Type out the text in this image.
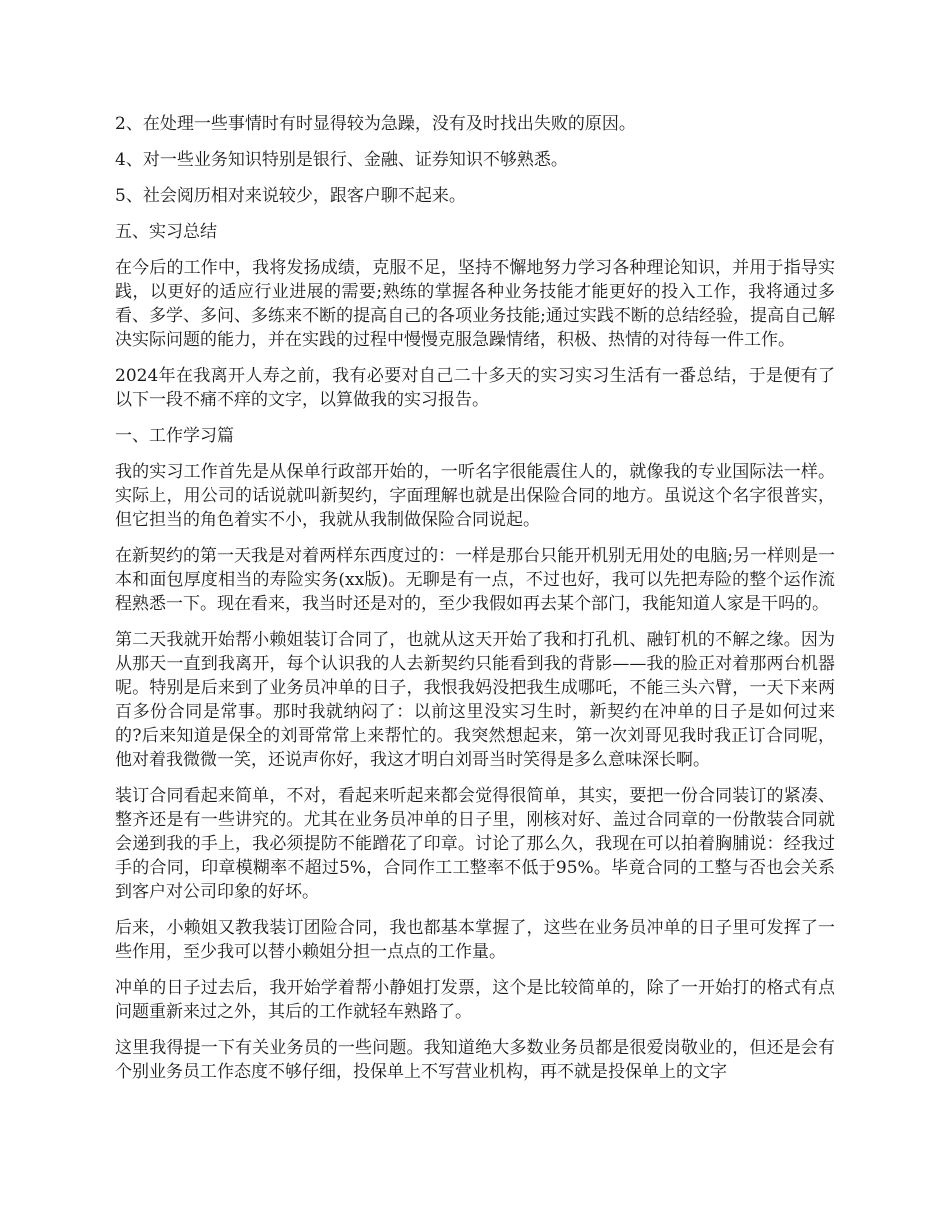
2、在处理一些事情时有时显得较为急躁，没有及时找出失败的原因。

4、对一些业务知识特别是银行、金融、证券知识不够熟悉。

5、社会阅历相对来说较少，跟客户聊不起来。

五、实习总结

在今后的工作中，我将发扬成绩，克服不足，坚持不懈地努力学习各种理论知识，并用于指导实践，以更好的适应行业进展的需要;熟练的掌握各种业务技能才能更好的投入工作，我将通过多看、多学、多问、多练来不断的提高自己的各项业务技能;通过实践不断的总结经验，提高自己解决实际问题的能力，并在实践的过程中慢慢克服急躁情绪，积极、热情的对待每一件工作。

2024年在我离开人寿之前，我有必要对自己二十多天的实习实习生活有一番总结，于是便有了以下一段不痛不痒的文字，以算做我的实习报告。

一、工作学习篇

我的实习工作首先是从保单行政部开始的，一听名字很能震住人的，就像我的专业国际法一样。实际上，用公司的话说就叫新契约，字面理解也就是出保险合同的地方。虽说这个名字很普实，但它担当的角色着实不小，我就从我制做保险合同说起。

在新契约的第一天我是对着两样东西度过的：一样是那台只能开机别无用处的电脑;另一样则是一本和面包厚度相当的寿险实务(xx版)。无聊是有一点，不过也好，我可以先把寿险的整个运作流程熟悉一下。现在看来，我当时还是对的，至少我假如再去某个部门，我能知道人家是干吗的。

第二天我就开始帮小赖姐装订合同了，也就从这天开始了我和打孔机、融钉机的不解之缘。因为从那天一直到我离开，每个认识我的人去新契约只能看到我的背影——我的脸正对着那两台机器呢。特别是后来到了业务员冲单的日子，我恨我妈没把我生成哪吒，不能三头六臂，一天下来两百多份合同是常事。那时我就纳闷了：以前这里没实习生时，新契约在冲单的日子是如何过来的?后来知道是保全的刘哥常常上来帮忙的。我突然想起来，第一次刘哥见我时我正订合同呢，他对着我微微一笑，还说声你好，我这才明白刘哥当时笑得是多么意味深长啊。

装订合同看起来简单，不对，看起来听起来都会觉得很简单，其实，要把一份合同装订的紧凑、整齐还是有一些讲究的。尤其在业务员冲单的日子里，刚核对好、盖过合同章的一份散装合同就会递到我的手上，我必须提防不能蹭花了印章。讨论了那么久，我现在可以拍着胸脯说：经我过手的合同，印章模糊率不超过5%，合同作工工整率不低于95%。毕竟合同的工整与否也会关系到客户对公司印象的好坏。

后来，小赖姐又教我装订团险合同，我也都基本掌握了，这些在业务员冲单的日子里可发挥了一些作用，至少我可以替小赖姐分担一点点的工作量。

冲单的日子过去后，我开始学着帮小静姐打发票，这个是比较简单的，除了一开始打的格式有点问题重新来过之外，其后的工作就轻车熟路了。

这里我得提一下有关业务员的一些问题。我知道绝大多数业务员都是很爱岗敬业的，但还是会有个别业务员工作态度不够仔细，投保单上不写营业机构，再不就是投保单上的文字
